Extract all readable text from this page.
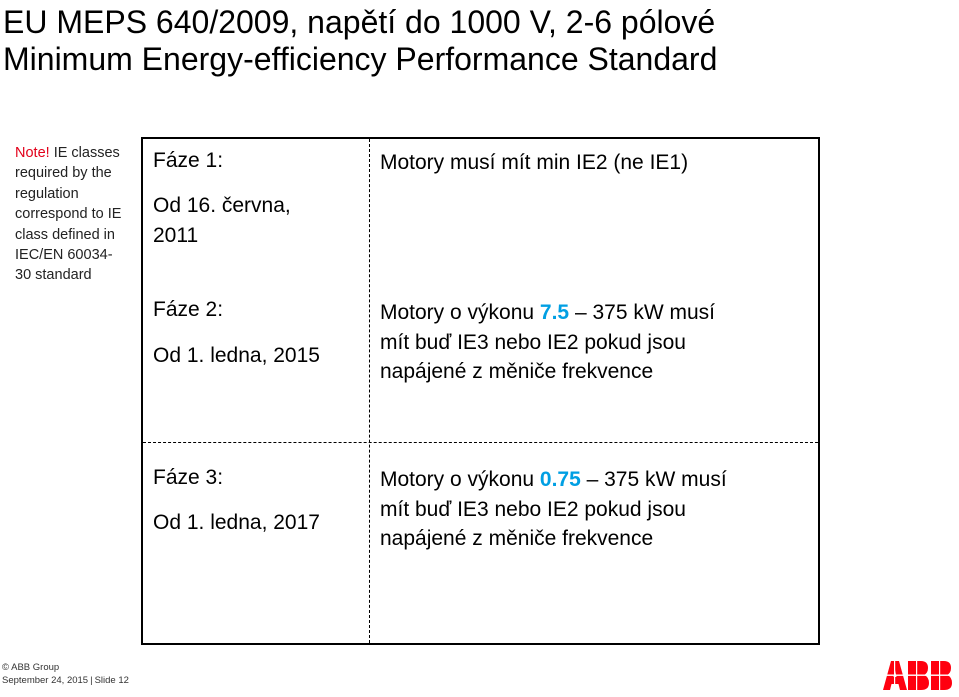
EU MEPS 640/2009, napětí do 1000 V, 2-6 pólové
Minimum Energy-efficiency Performance Standard
Note! IE classes required by the regulation correspond to IE class defined in IEC/EN 60034-30 standard
Fáze 1:
Od 16. června,
2011
Motory musí mít min IE2 (ne IE1)
Fáze 2:
Od 1. ledna, 2015
Motory o výkonu 7.5 – 375 kW musí
mít buď IE3 nebo IE2 pokud jsou
napájené z měniče frekvence
Fáze 3:
Od 1. ledna, 2017
Motory o výkonu 0.75 – 375 kW musí
mít buď IE3 nebo IE2 pokud jsou
napájené z měniče frekvence
© ABB Group
September 24, 2015 | Slide 12
